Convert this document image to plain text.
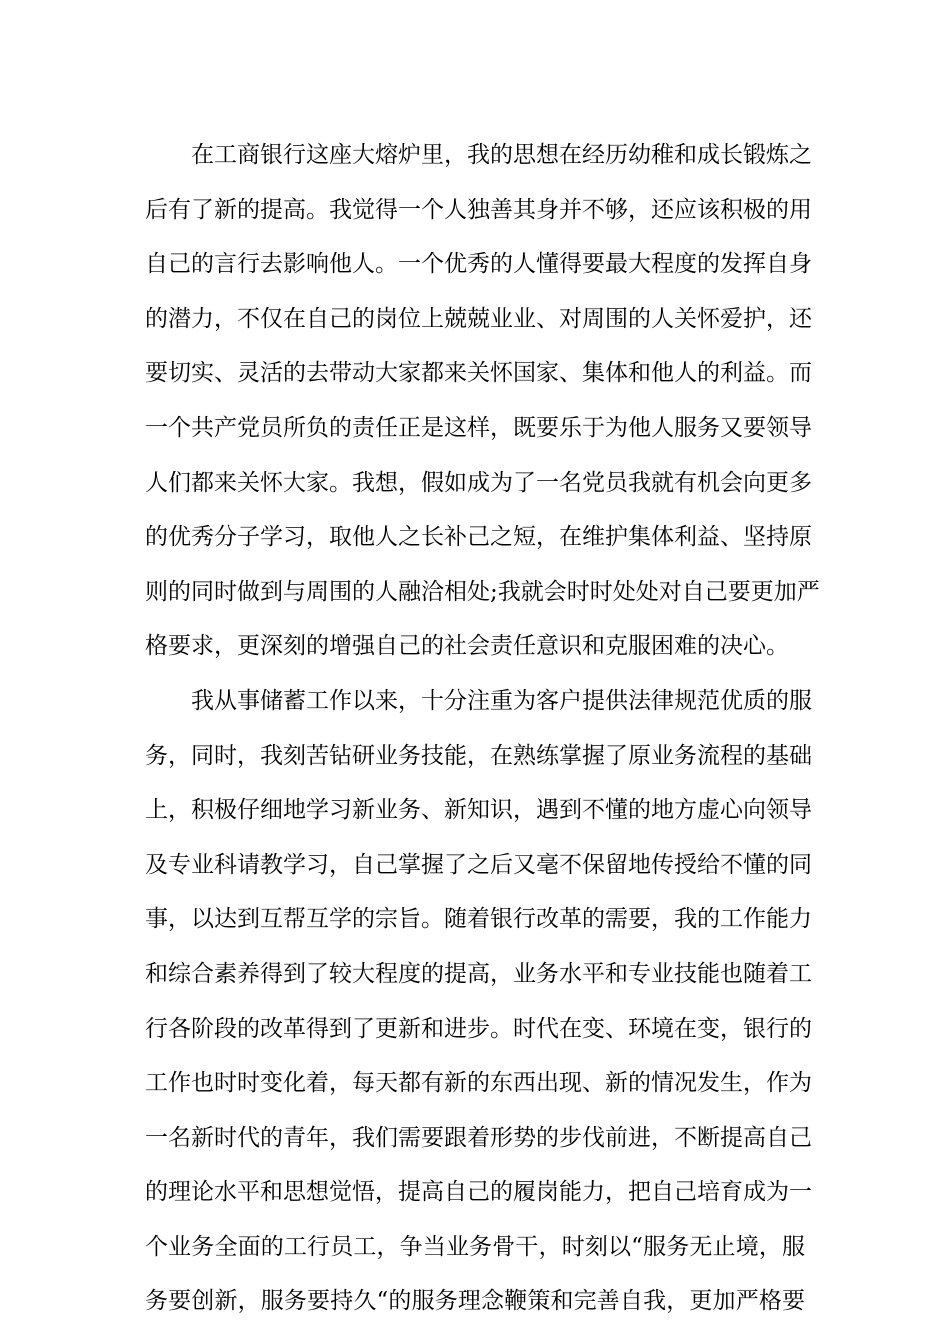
在工商银行这座大熔炉里，我的思想在经历幼稚和成长锻炼之
后有了新的提高。我觉得一个人独善其身并不够，还应该积极的用
自己的言行去影响他人。一个优秀的人懂得要最大程度的发挥自身
的潜力，不仅在自己的岗位上兢兢业业、对周围的人关怀爱护，还
要切实、灵活的去带动大家都来关怀国家、集体和他人的利益。而
一个共产党员所负的责任正是这样，既要乐于为他人服务又要领导
人们都来关怀大家。我想，假如成为了一名党员我就有机会向更多
的优秀分子学习，取他人之长补己之短，在维护集体利益、坚持原
则的同时做到与周围的人融洽相处;我就会时时处处对自己要更加严
格要求，更深刻的增强自己的社会责任意识和克服困难的决心。
我从事储蓄工作以来，十分注重为客户提供法律规范优质的服
务，同时，我刻苦钻研业务技能，在熟练掌握了原业务流程的基础
上，积极仔细地学习新业务、新知识，遇到不懂的地方虚心向领导
及专业科请教学习，自己掌握了之后又毫不保留地传授给不懂的同
事，以达到互帮互学的宗旨。随着银行改革的需要，我的工作能力
和综合素养得到了较大程度的提高，业务水平和专业技能也随着工
行各阶段的改革得到了更新和进步。时代在变、环境在变，银行的
工作也时时变化着，每天都有新的东西出现、新的情况发生，作为
一名新时代的青年，我们需要跟着形势的步伐前进，不断提高自己
的理论水平和思想觉悟，提高自己的履岗能力，把自己培育成为一
个业务全面的工行员工，争当业务骨干，时刻以“服务无止境，服
务要创新，服务要持久“的服务理念鞭策和完善自我，更加严格要
